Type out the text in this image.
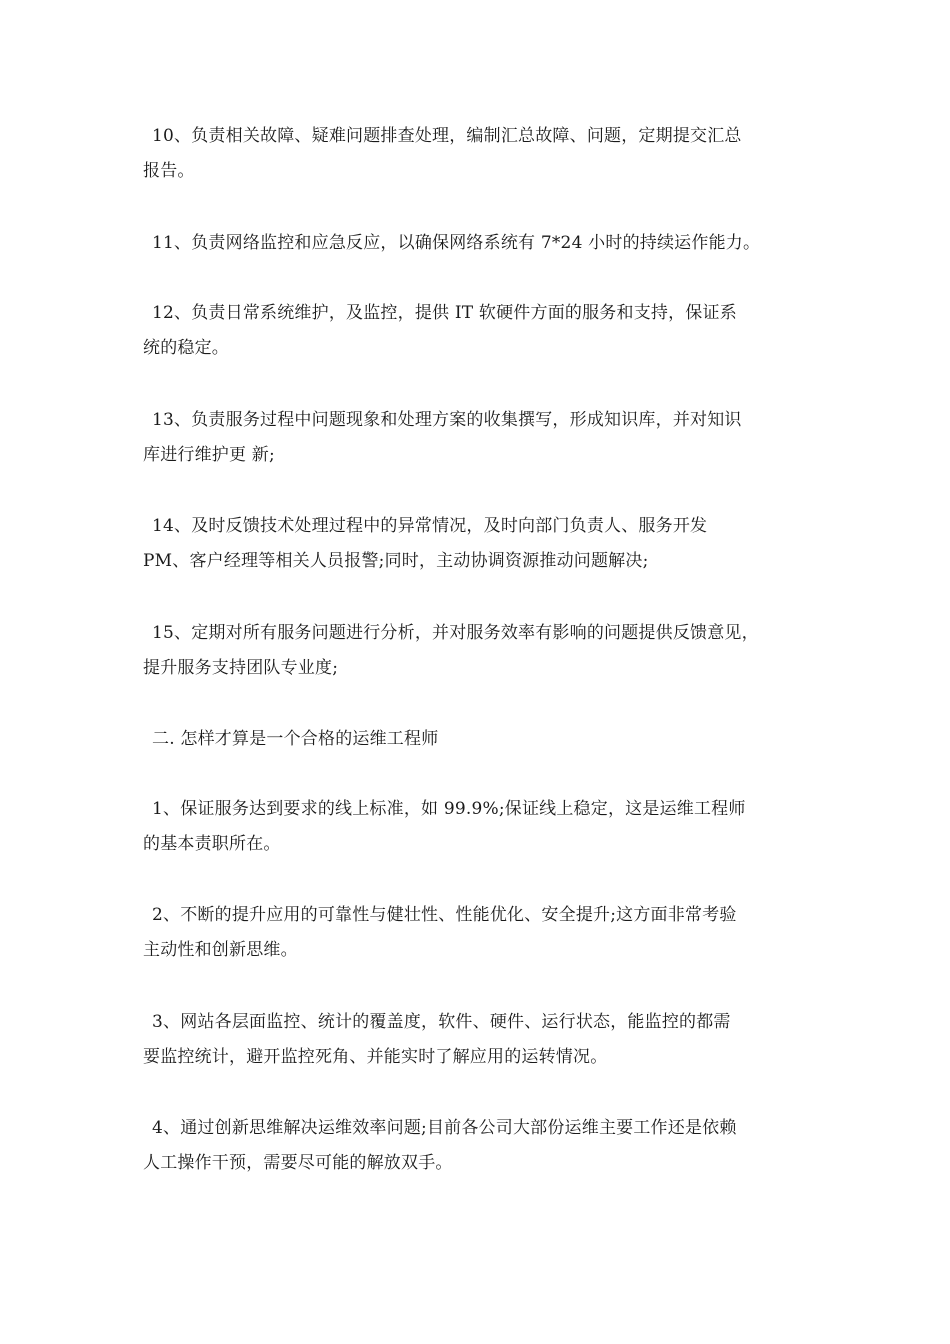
10、负责相关故障、疑难问题排查处理，编制汇总故障、问题，定期提交汇总
报告。
11、负责网络监控和应急反应，以确保网络系统有 7*24 小时的持续运作能力。
12、负责日常系统维护，及监控，提供 IT 软硬件方面的服务和支持，保证系
统的稳定。
13、负责服务过程中问题现象和处理方案的收集撰写，形成知识库，并对知识
库进行维护更 新;
14、及时反馈技术处理过程中的异常情况，及时向部门负责人、服务开发
PM、客户经理等相关人员报警;同时，主动协调资源推动问题解决;
15、定期对所有服务问题进行分析，并对服务效率有影响的问题提供反馈意见，
提升服务支持团队专业度;
二. 怎样才算是一个合格的运维工程师
1、保证服务达到要求的线上标准，如 99.9%;保证线上稳定，这是运维工程师
的基本责职所在。
2、不断的提升应用的可靠性与健壮性、性能优化、安全提升;这方面非常考验
主动性和创新思维。
3、网站各层面监控、统计的覆盖度，软件、硬件、运行状态，能监控的都需
要监控统计，避开监控死角、并能实时了解应用的运转情况。
4、通过创新思维解决运维效率问题;目前各公司大部份运维主要工作还是依赖
人工操作干预，需要尽可能的解放双手。
